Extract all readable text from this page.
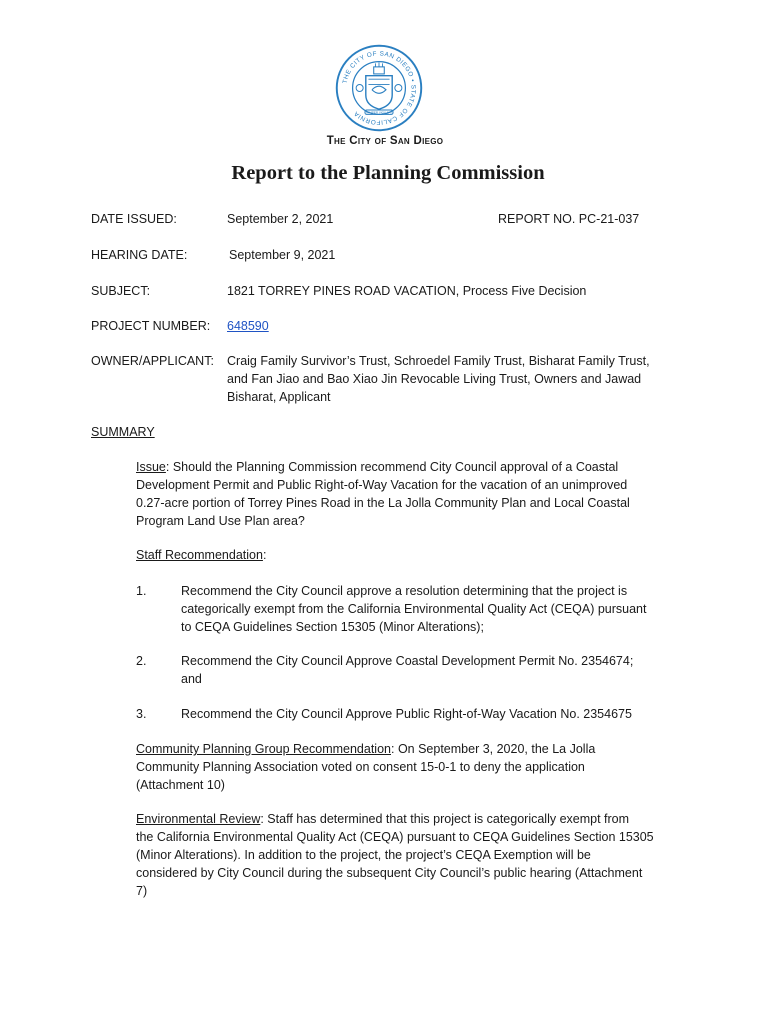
THE CITY OF SAN DIEGO • STATE OF CALIFORNIA	SEMPER VIGILANS
The City of San Diego
Report to the Planning Commission
DATE ISSUED:	September 2, 2021	REPORT NO. PC-21-037
HEARING DATE:	September 9, 2021
SUBJECT:	1821 TORREY PINES ROAD VACATION, Process Five Decision
PROJECT NUMBER: 648590
OWNER/APPLICANT: Craig Family Survivor’s Trust, Schroedel Family Trust, Bisharat Family Trust,
and Fan Jiao and Bao Xiao Jin Revocable Living Trust, Owners and Jawad
Bisharat, Applicant
SUMMARY
Issue: Should the Planning Commission recommend City Council approval of a Coastal
Development Permit and Public Right-of-Way Vacation for the vacation of an unimproved
0.27-acre portion of Torrey Pines Road in the La Jolla Community Plan and Local Coastal
Program Land Use Plan area?
Staff Recommendation:
1.	Recommend the City Council approve a resolution determining that the project is
categorically exempt from the California Environmental Quality Act (CEQA) pursuant
to CEQA Guidelines Section 15305 (Minor Alterations);
2.	Recommend the City Council Approve Coastal Development Permit No. 2354674;
and
3.	Recommend the City Council Approve Public Right-of-Way Vacation No. 2354675
Community Planning Group Recommendation: On September 3, 2020, the La Jolla
Community Planning Association voted on consent 15-0-1 to deny the application
(Attachment 10)
Environmental Review: Staff has determined that this project is categorically exempt from
the California Environmental Quality Act (CEQA) pursuant to CEQA Guidelines Section 15305
(Minor Alterations). In addition to the project, the project’s CEQA Exemption will be
considered by City Council during the subsequent City Council’s public hearing (Attachment
7)
